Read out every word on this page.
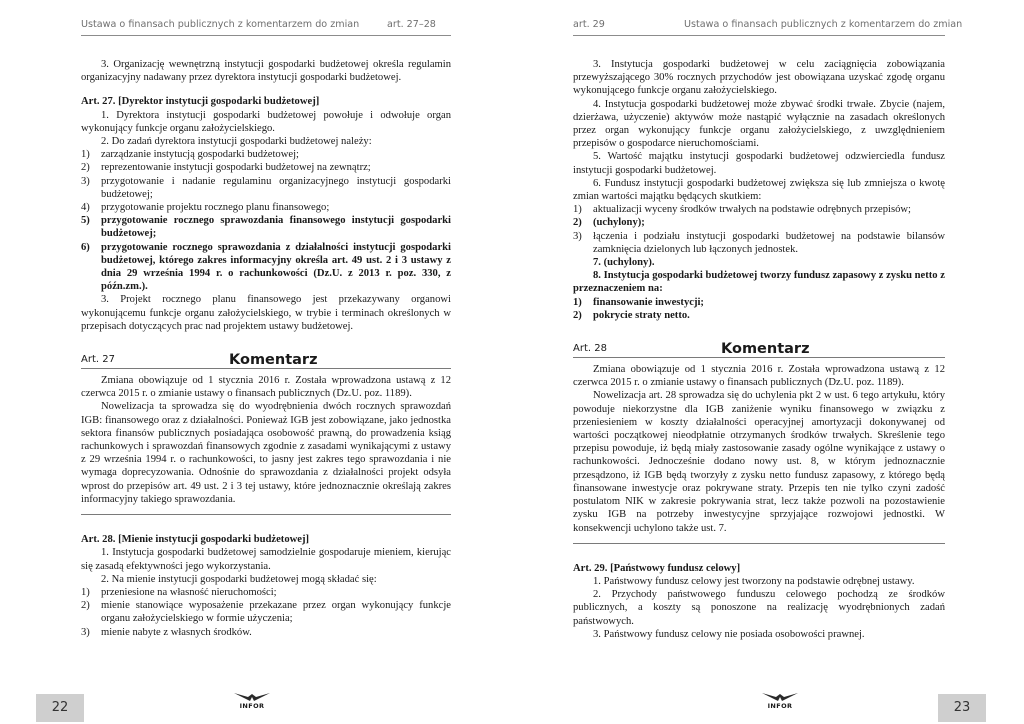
Ustawa o finansach publicznych z komentarzem do zmian	art. 27–28

3. Organizację wewnętrzną instytucji gospodarki budżetowej określa regulamin organizacyjny nadawany przez dyrektora instytucji gospodarki budżetowej.

Art. 27. [Dyrektor instytucji gospodarki budżetowej]

1. Dyrektora instytucji gospodarki budżetowej powołuje i odwołuje organ wykonujący funkcje organu założycielskiego.

2. Do zadań dyrektora instytucji gospodarki budżetowej należy:

1)	zarządzanie instytucją gospodarki budżetowej;
2)	reprezentowanie instytucji gospodarki budżetowej na zewnątrz;
3)	przygotowanie i nadanie regulaminu organizacyjnego instytucji gospodarki budżetowej;
4)	przygotowanie projektu rocznego planu finansowego;
5)	przygotowanie rocznego sprawozdania finansowego instytucji gospodarki budżetowej;
6)	przygotowanie rocznego sprawozdania z działalności instytucji gospodarki budżetowej, którego zakres informacyjny określa art. 49 ust. 2 i 3 ustawy z dnia 29 września 1994 r. o rachunkowości (Dz.U. z 2013 r. poz. 330, z późn.zm.).

3. Projekt rocznego planu finansowego jest przekazywany organowi wykonującemu funkcje organu założycielskiego, w trybie i terminach określonych w przepisach dotyczących prac nad projektem ustawy budżetowej.

Art. 27	Komentarz

Zmiana obowiązuje od 1 stycznia 2016 r. Została wprowadzona ustawą z 12 czerwca 2015 r. o zmianie ustawy o finansach publicznych (Dz.U. poz. 1189).

Nowelizacja ta sprowadza się do wyodrębnienia dwóch rocznych sprawozdań IGB: finansowego oraz z działalności. Ponieważ IGB jest zobowiązane, jako jednostka sektora finansów publicznych posiadająca osobowość prawną, do prowadzenia ksiąg rachunkowych i sprawozdań finansowych zgodnie z zasadami wynikającymi z ustawy z 29 września 1994 r. o rachunkowości, to jasny jest zakres tego sprawozdania i nie wymaga doprecyzowania. Odnośnie do sprawozdania z działalności projekt odsyła wprost do przepisów art. 49 ust. 2 i 3 tej ustawy, które jednoznacznie określają zakres informacyjny takiego sprawozdania.

Art. 28. [Mienie instytucji gospodarki budżetowej]

1. Instytucja gospodarki budżetowej samodzielnie gospodaruje mieniem, kierując się zasadą efektywności jego wykorzystania.

2. Na mienie instytucji gospodarki budżetowej mogą składać się:

1)	przeniesione na własność nieruchomości;
2)	mienie stanowiące wyposażenie przekazane przez organ wykonujący funkcje organu założycielskiego w formie użyczenia;
3)	mienie nabyte z własnych środków.
22	INFOR
art. 29	Ustawa o finansach publicznych z komentarzem do zmian

3. Instytucja gospodarki budżetowej w celu zaciągnięcia zobowiązania przewyższającego 30% rocznych przychodów jest obowiązana uzyskać zgodę organu wykonującego funkcje organu założycielskiego.

4. Instytucja gospodarki budżetowej może zbywać środki trwałe. Zbycie (najem, dzierżawa, użyczenie) aktywów może nastąpić wyłącznie na zasadach określonych przez organ wykonujący funkcje organu założycielskiego, z uwzględnieniem przepisów o gospodarce nieruchomościami.

5. Wartość majątku instytucji gospodarki budżetowej odzwierciedla fundusz instytucji gospodarki budżetowej.

6. Fundusz instytucji gospodarki budżetowej zwiększa się lub zmniejsza o kwotę zmian wartości majątku będących skutkiem:

1)	aktualizacji wyceny środków trwałych na podstawie odrębnych przepisów;
2)	(uchylony);
3)	łączenia i podziału instytucji gospodarki budżetowej na podstawie bilansów zamknięcia dzielonych lub łączonych jednostek.

7. (uchylony).

8. Instytucja gospodarki budżetowej tworzy fundusz zapasowy z zysku netto z przeznaczeniem na:

1)	finansowanie inwestycji;
2)	pokrycie straty netto.
Art. 28	Komentarz

Zmiana obowiązuje od 1 stycznia 2016 r. Została wprowadzona ustawą z 12 czerwca 2015 r. o zmianie ustawy o finansach publicznych (Dz.U. poz. 1189).

Nowelizacja art. 28 sprowadza się do uchylenia pkt 2 w ust. 6 tego artykułu, który powodujе niekorzystne dla IGB zaniżenie wyniku finansowego w związku z przeniesieniem w koszty działalności operacyjnej amortyzacji dokonywanej od wartości początkowej nieodpłatnie otrzymanych środków trwałych. Skreślenie tego przepisu powoduje, iż będą miały zastosowanie zasady ogólne wynikające z ustawy o rachunkowości. Jednocześnie dodano nowy ust. 8, w którym jednoznacznie przesądzono, iż IGB będą tworzyły z zysku netto fundusz zapasowy, z którego będą finansowane inwestycje oraz pokrywane straty. Przepis ten nie tylko czyni zadość postulatom NIK w zakresie pokrywania strat, lecz także pozwoli na pozostawienie zysku IGB na potrzeby inwestycyjne sprzyjające rozwojowi jednostki. W konsekwencji uchylono także ust. 7.

Art. 29. [Państwowy fundusz celowy]

1. Państwowy fundusz celowy jest tworzony na podstawie odrębnej ustawy.

2. Przychody państwowego funduszu celowego pochodzą ze środków publicznych, a koszty są ponoszone na realizację wyodrębnionych zadań państwowych.

3. Państwowy fundusz celowy nie posiada osobowości prawnej.

INFOR	23
